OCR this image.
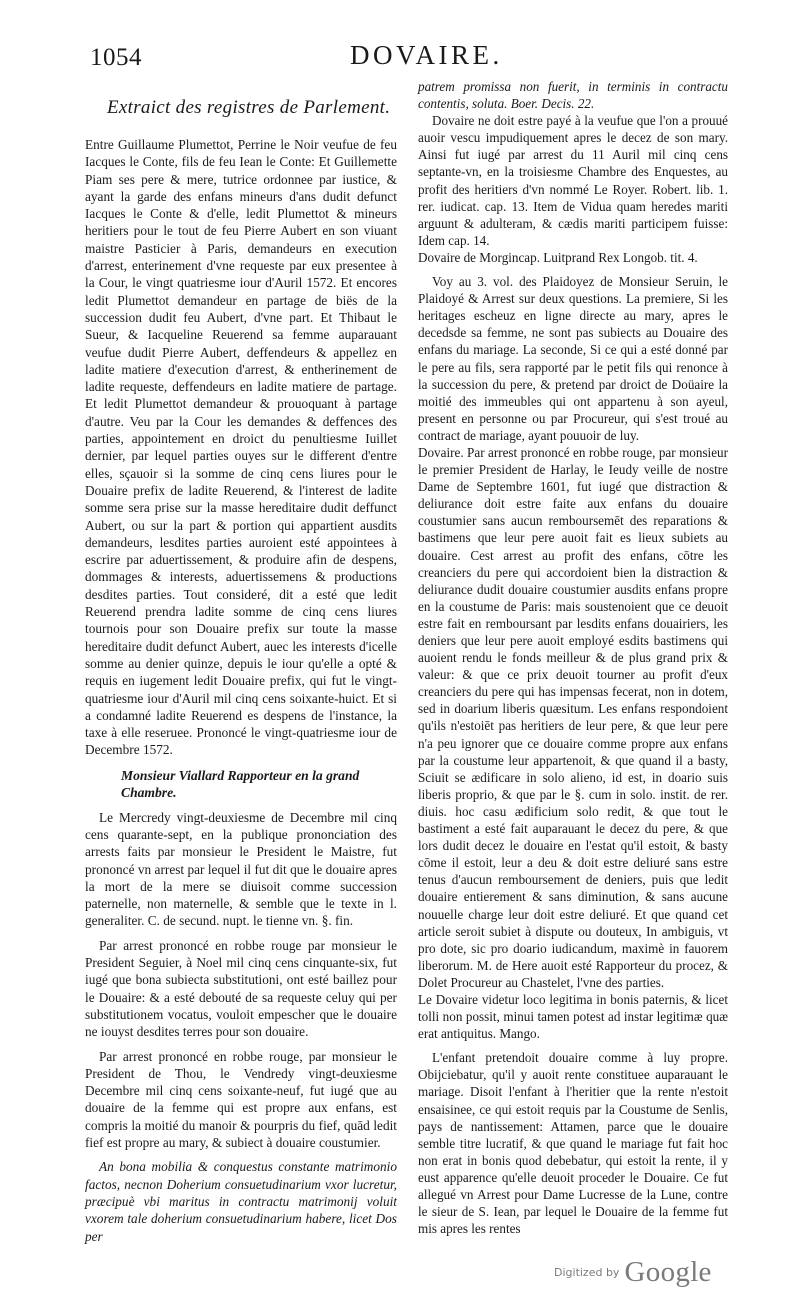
1054	DOVAIRE.
Extraict des registres de Parlement.

Entre Guillaume Plumettot, Perrine le Noir veufue de feu Iacques le Conte, fils de feu Iean le Conte: Et Guillemette Piam ses pere & mere, tutrice ordonnee par iustice, & ayant la garde des enfans mineurs d'ans dudit defunct Iacques le Conte & d'elle, ledit Plumettot & mineurs heritiers pour le tout de feu Pierre Aubert en son viuant maistre Pasticier à Paris, demandeurs en execution d'arrest, enterinement d'vne requeste par eux presentee à la Cour, le vingt quatriesme iour d'Auril 1572. Et encores ledit Plumettot demandeur en partage de biës de la succession dudit feu Aubert, d'vne part. Et Thibaut le Sueur, & Iacqueline Reuerend sa femme auparauant veufue dudit Pierre Aubert, deffendeurs & appellez en ladite matiere d'execution d'arrest, & entherinement de ladite requeste, deffendeurs en ladite matiere de partage. Et ledit Plumettot demandeur & prouoquant à partage d'autre. Veu par la Cour les demandes & deffences des parties, appointement en droict du penultiesme Iuillet dernier, par lequel parties ouyes sur le different d'entre elles, sçauoir si la somme de cinq cens liures pour le Douaire prefix de ladite Reuerend, & l'interest de ladite somme sera prise sur la masse hereditaire dudit deffunct Aubert, ou sur la part & portion qui appartient ausdits demandeurs, lesdites parties auroient esté appointees à escrire par aduertissement, & produire afin de despens, dommages & interests, aduertissemens & productions desdites parties. Tout consideré, dit a esté que ledit Reuerend prendra ladite somme de cinq cens liures tournois pour son Douaire prefix sur toute la masse hereditaire dudit defunct Aubert, auec les interests d'icelle somme au denier quinze, depuis le iour qu'elle a opté & requis en iugement ledit Douaire prefix, qui fut le vingt-quatriesme iour d'Auril mil cinq cens soixante-huict. Et si a condamné ladite Reuerend es despens de l'instance, la taxe à elle reseruee. Prononcé le vingt-quatriesme iour de Decembre 1572.

Monsieur Viallard Rapporteur en la grand Chambre.

Le Mercredy vingt-deuxiesme de Decembre mil cinq cens quarante-sept, en la publique prononciation des arrests faits par monsieur le President le Maistre, fut prononcé vn arrest par lequel il fut dit que le douaire apres la mort de la mere se diuisoit comme succession paternelle, non maternelle, & semble que le texte in l. generaliter. C. de secund. nupt. le tienne vn. §. fin.

Par arrest prononcé en robbe rouge par monsieur le President Seguier, à Noel mil cinq cens cinquante-six, fut iugé que bona subiecta substitutioni, ont esté baillez pour le Douaire: & a esté debouté de sa requeste celuy qui per substitutionem vocatus, vouloit empescher que le douaire ne iouyst desdites terres pour son douaire.

Par arrest prononcé en robbe rouge, par monsieur le President de Thou, le Vendredy vingt-deuxiesme Decembre mil cinq cens soixante-neuf, fut iugé que au douaire de la femme qui est propre aux enfans, est compris la moitié du manoir & pourpris du fief, quād ledit fief est propre au mary, & subiect à douaire coustumier.

An bona mobilia & conquestus constante matrimonio factos, necnon Doherium consuetudinarium vxor lucretur, præcipuè vbi maritus in contractu matrimonij voluit vxorem tale doherium consuetudinarium habere, licet Dos per

patrem promissa non fuerit, in terminis in contractu contentis, soluta. Boer. Decis. 22.

Dovaire ne doit estre payé à la veufue que l'on a prouué auoir vescu impudiquement apres le decez de son mary. Ainsi fut iugé par arrest du 11 Auril mil cinq cens septante-vn, en la troisiesme Chambre des Enquestes, au profit des heritiers d'vn nommé Le Royer. Robert. lib. 1. rer. iudicat. cap. 13. Item de Vidua quam heredes mariti arguunt & adulteram, & cædis mariti participem fuisse: Idem cap. 14.

Dovaire de Morgincap. Luitprand Rex Longob. tit. 4.

Voy au 3. vol. des Plaidoyez de Monsieur Seruin, le Plaidoyé & Arrest sur deux questions. La premiere, Si les heritages escheuz en ligne directe au mary, apres le decedsde sa femme, ne sont pas subiects au Douaire des enfans du mariage. La seconde, Si ce qui a esté donné par le pere au fils, sera rapporté par le petit fils qui renonce à la succession du pere, & pretend par droict de Doüaire la moitié des immeubles qui ont appartenu à son ayeul, present en personne ou par Procureur, qui s'est troué au contract de mariage, ayant pouuoir de luy.

Dovaire. Par arrest prononcé en robbe rouge, par monsieur le premier President de Harlay, le Ieudy veille de nostre Dame de Septembre 1601, fut iugé que distraction & deliurance doit estre faite aux enfans du douaire coustumier sans aucun remboursemēt des reparations & bastimens que leur pere auoit fait es lieux subiets au douaire. Cest arrest au profit des enfans, cōtre les creanciers du pere qui accordoient bien la distraction & deliurance dudit douaire coustumier ausdits enfans propre en la coustume de Paris: mais soustenoient que ce deuoit estre fait en remboursant par lesdits enfans douairiers, les deniers que leur pere auoit employé esdits bastimens qui auoient rendu le fonds meilleur & de plus grand prix & valeur: & que ce prix deuoit tourner au profit d'eux creanciers du pere qui has impensas fecerat, non in dotem, sed in doarium liberis quæsitum. Les enfans respondoient qu'ils n'estoiēt pas heritiers de leur pere, & que leur pere n'a peu ignorer que ce douaire comme propre aux enfans par la coustume leur appartenoit, & que quand il a basty, Sciuit se ædificare in solo alieno, id est, in doario suis liberis proprio, & que par le §. cum in solo. instit. de rer. diuis. hoc casu ædificium solo redit, & que tout le bastiment a esté fait auparauant le decez du pere, & que lors dudit decez le douaire en l'estat qu'il estoit, & basty cōme il estoit, leur a deu & doit estre deliuré sans estre tenus d'aucun remboursement de deniers, puis que ledit douaire entierement & sans diminution, & sans aucune nouuelle charge leur doit estre deliuré. Et que quand cet article seroit subiet à dispute ou douteux, In ambiguis, vt pro dote, sic pro doario iudicandum, maximè in fauorem liberorum. M. de Here auoit esté Rapporteur du procez, & Dolet Procureur au Chastelet, l'vne des parties.

Le Dovaire videtur loco legitima in bonis paternis, & licet tolli non possit, minui tamen potest ad instar legitimæ quæ erat antiquitus. Mango.

L'enfant pretendoit douaire comme à luy propre. Obijciebatur, qu'il y auoit rente constituee auparauant le mariage. Disoit l'enfant à l'heritier que la rente n'estoit ensaisinee, ce qui estoit requis par la Coustume de Senlis, pays de nantissement: Attamen, parce que le douaire semble titre lucratif, & que quand le mariage fut fait hoc non erat in bonis quod debebatur, qui estoit la rente, il y eust apparence qu'elle deuoit proceder le Douaire. Ce fut allegué vn Arrest pour Dame Lucresse de la Lune, contre le sieur de S. Iean, par lequel le Douaire de la femme fut mis apres les rentes

Digitized by Google
